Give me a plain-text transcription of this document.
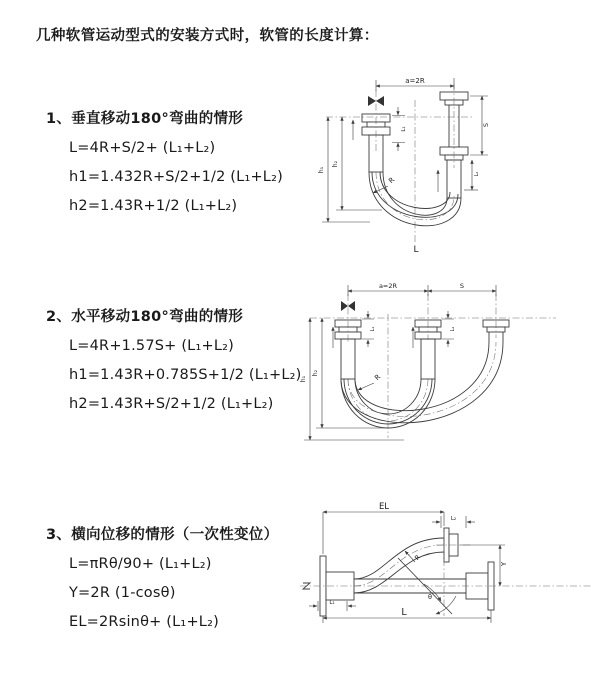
几种软管运动型式的安装方式时，软管的长度计算：
1、垂直移动180°弯曲的情形
L=4R+S/2+ (L₁+L₂)
h1=1.432R+S/2+1/2 (L₁+L₂)
h2=1.43R+1/2 (L₁+L₂)
2、水平移动180°弯曲的情形
L=4R+1.57S+ (L₁+L₂)
h1=1.43R+0.785S+1/2 (L₁+L₂)
h2=1.43R+S/2+1/2 (L₁+L₂)
3、横向位移的情形（一次性变位）
L=πRθ/90+ (L₁+L₂)
Y=2R (1-cosθ)
EL=2Rsinθ+ (L₁+L₂)
a=2R
L₁
h₁
h₂
S
L₂
R
L
a=2R	S
L₁	L₂
h₁
h₂	R
θ
R
EL
L₂
Y
L
L₁
